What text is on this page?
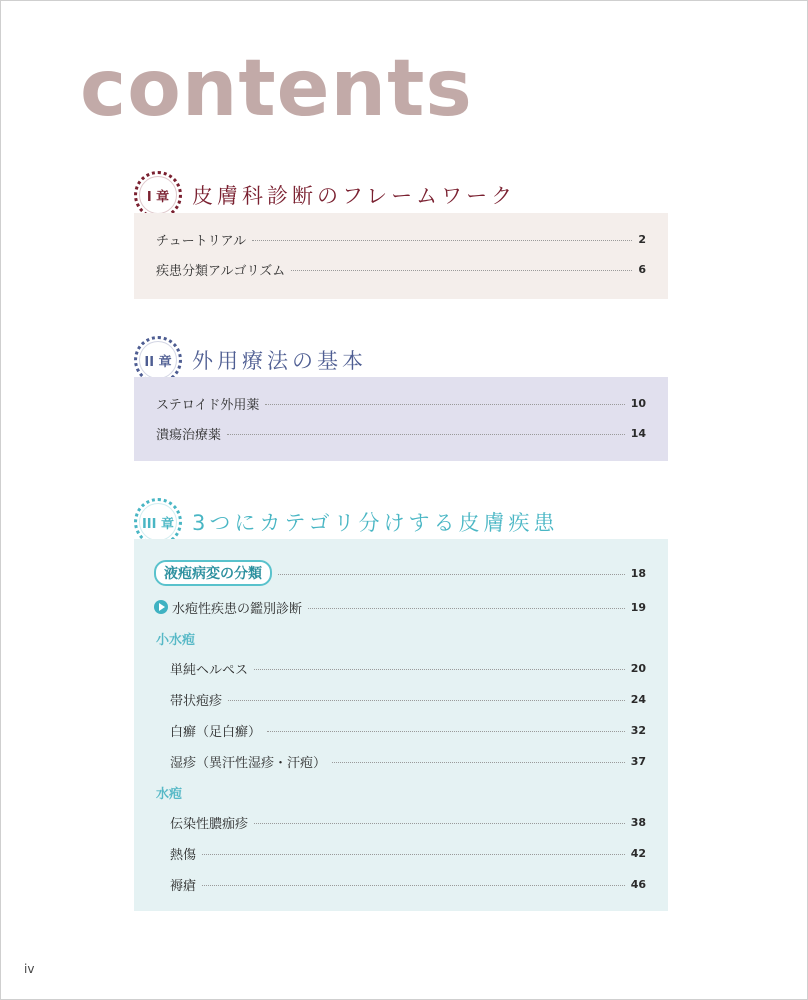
contents
I 章 皮膚科診断のフレームワーク
チュートリアル	2
疾患分類アルゴリズム	6
II 章 外用療法の基本
ステロイド外用薬	10
潰瘍治療薬	14
III 章 3つにカテゴリ分けする皮膚疾患
液疱病変の分類	18
水疱性疾患の鑑別診断	19
小水疱
単純ヘルペス	20
帯状疱疹	24
白癬（足白癬）	32
湿疹（異汗性湿疹・汗疱）	37
水疱
伝染性膿痂疹	38
熱傷	42
褥瘡	46
iv
